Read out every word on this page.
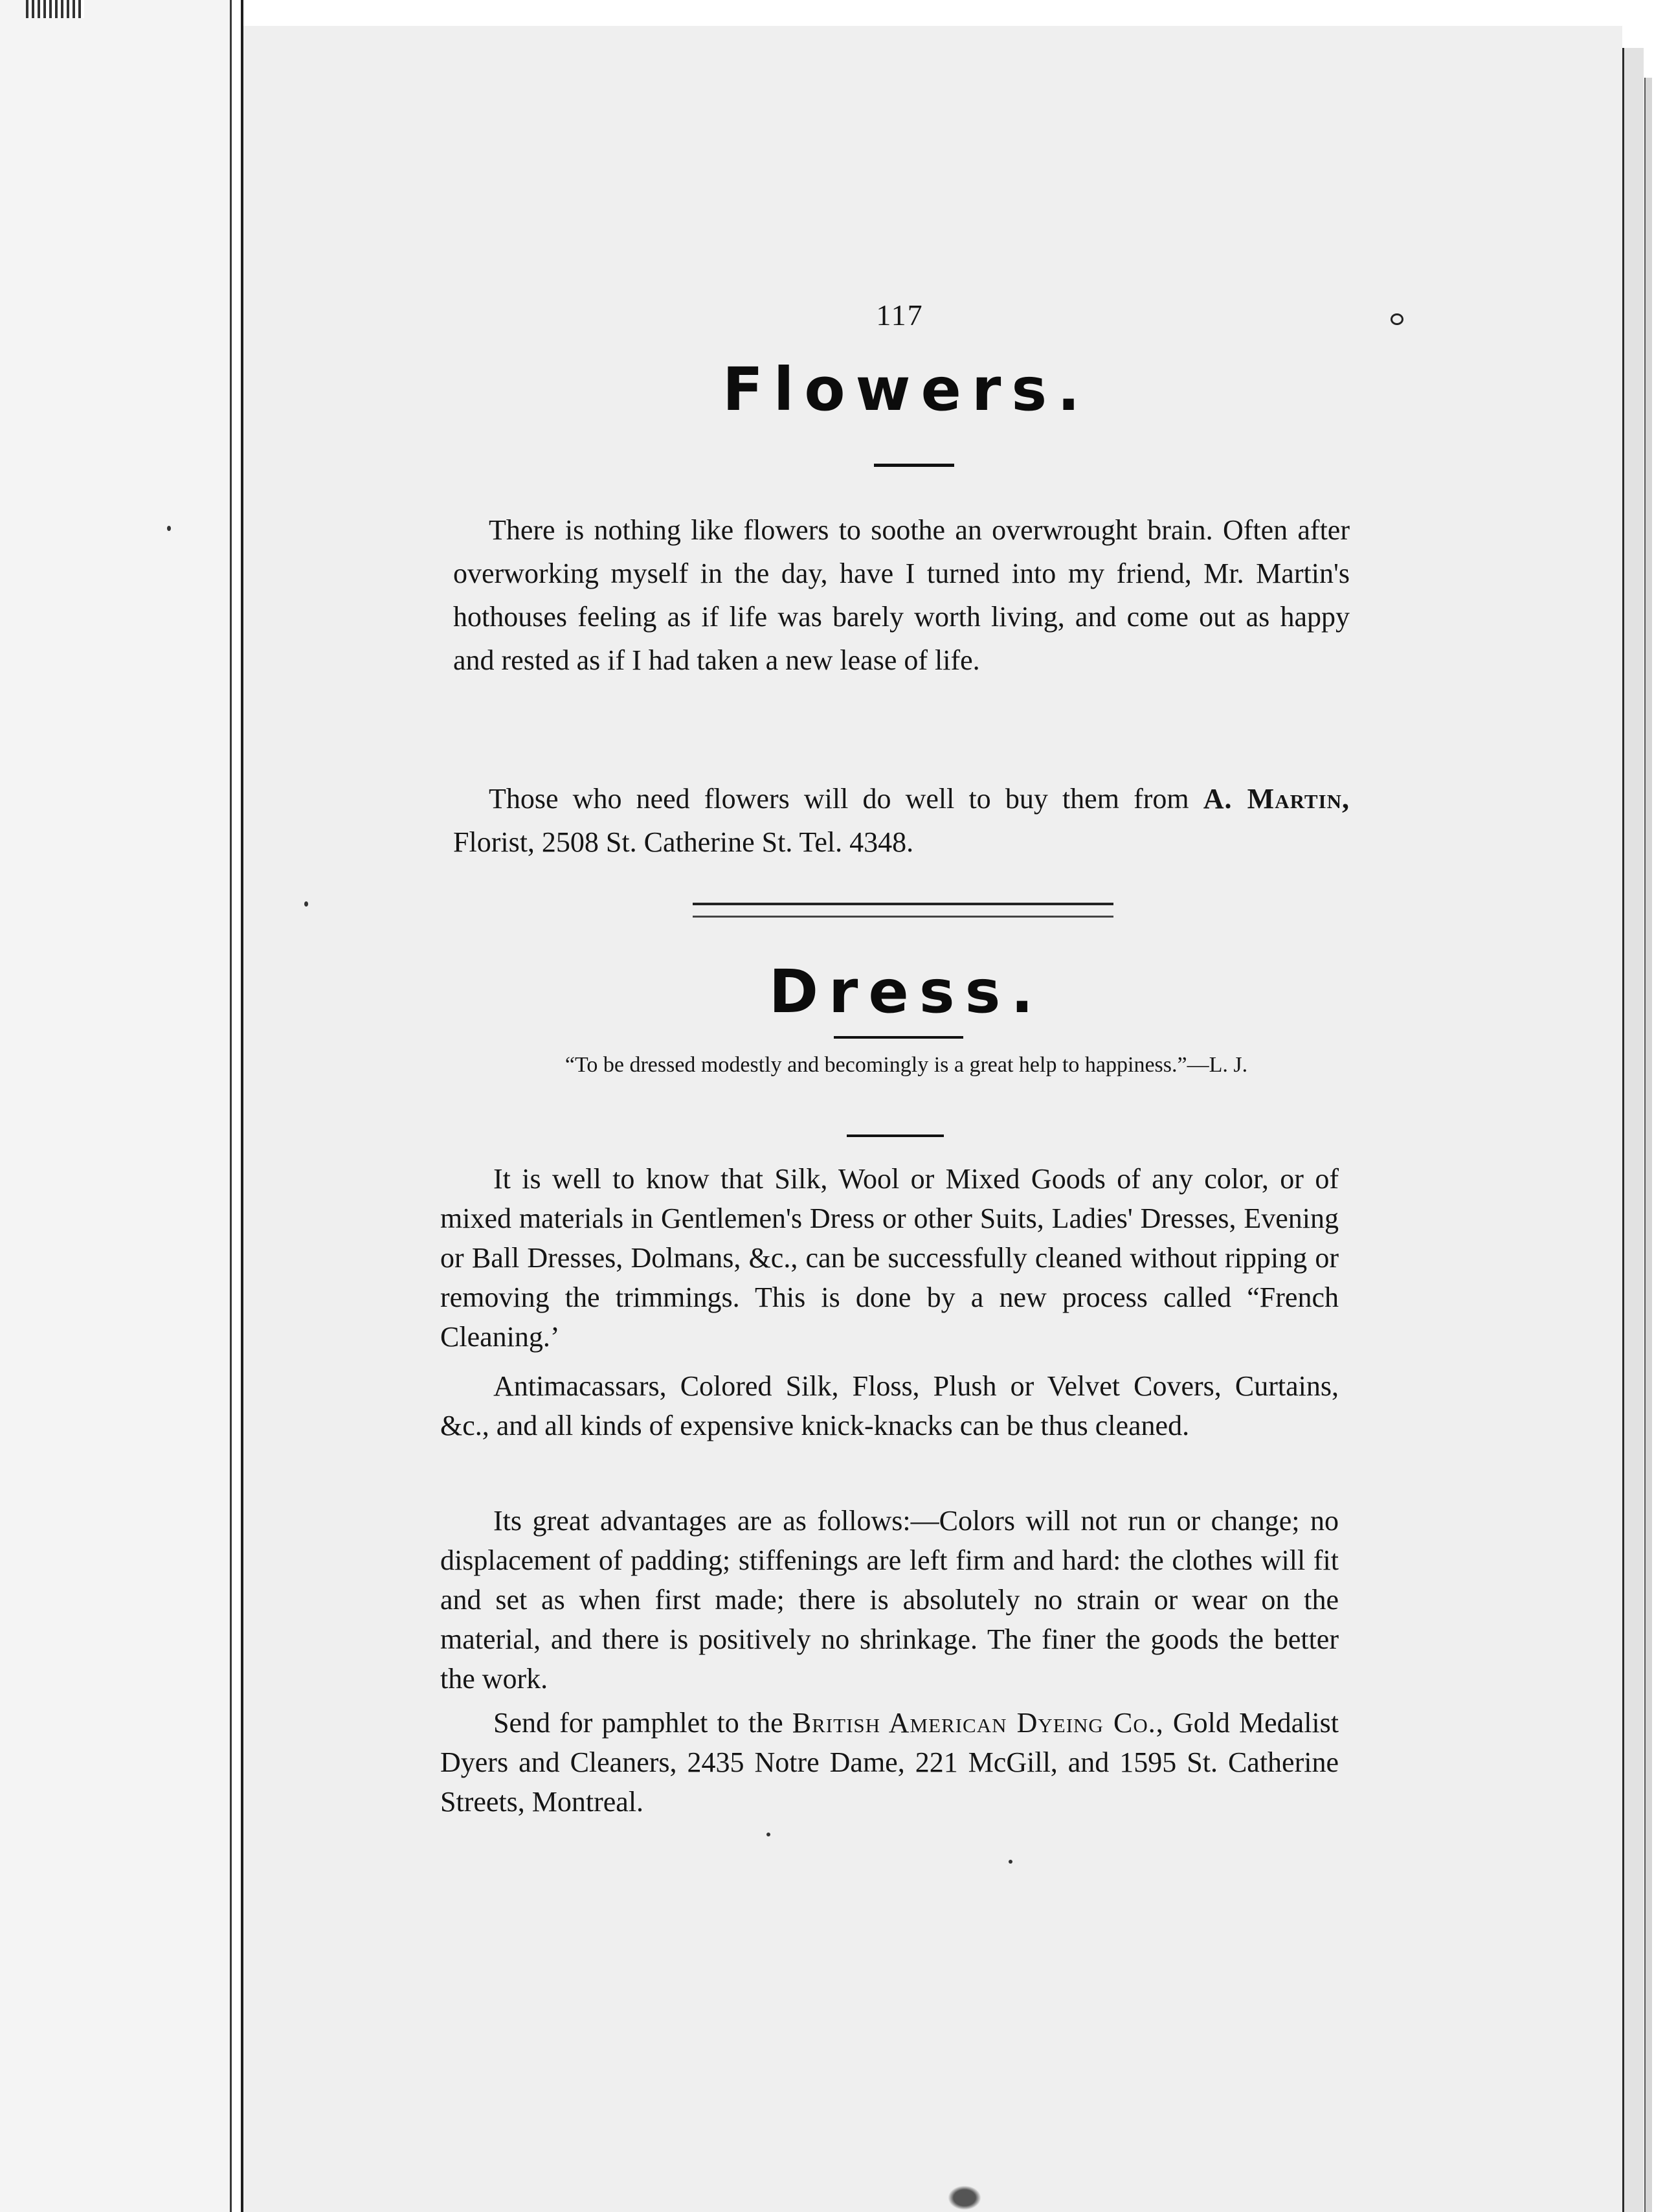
117
Flowers.

There is nothing like flowers to soothe an overwrought brain. Often after overworking myself in the day, have I turned into my friend, Mr. Martin's hothouses feeling as if life was barely worth living, and come out as happy and rested as if I had taken a new lease of life.

Those who need flowers will do well to buy them from A. Martin, Florist, 2508 St. Catherine St. Tel. 4348.

Dress.

“To be dressed modestly and becomingly is a great help to happiness.”—L. J.

It is well to know that Silk, Wool or Mixed Goods of any color, or of mixed materials in Gentlemen's Dress or other Suits, Ladies' Dresses, Evening or Ball Dresses, Dolmans, &c., can be successfully cleaned without ripping or removing the trimmings. This is done by a new process called “French Cleaning.’

Antimacassars, Colored Silk, Floss, Plush or Velvet Covers, Curtains, &c., and all kinds of expensive knick-knacks can be thus cleaned.

Its great advantages are as follows:—Colors will not run or change; no displacement of padding; stiffenings are left firm and hard: the clothes will fit and set as when first made; there is absolutely no strain or wear on the material, and there is positively no shrinkage. The finer the goods the better the work.

Send for pamphlet to the British American Dyeing Co., Gold Medalist Dyers and Cleaners, 2435 Notre Dame, 221 McGill, and 1595 St. Catherine Streets, Montreal.
